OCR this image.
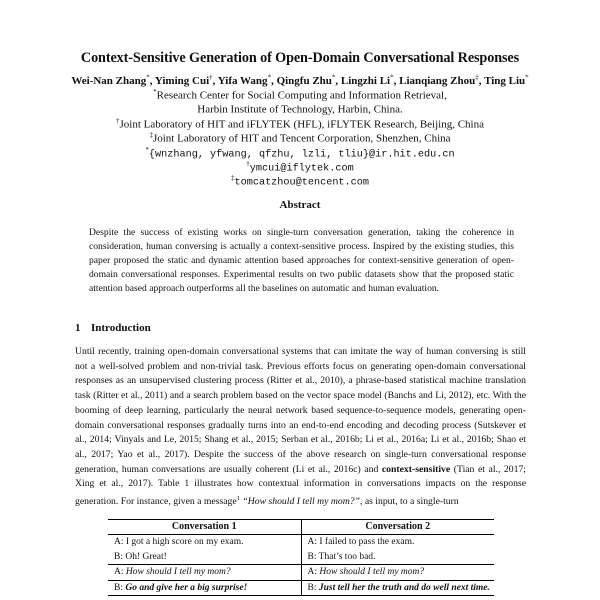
Context-Sensitive Generation of Open-Domain Conversational Responses
Wei-Nan Zhang*, Yiming Cui†, Yifa Wang*, Qingfu Zhu*, Lingzhi Li*, Lianqiang Zhou‡, Ting Liu*
*Research Center for Social Computing and Information Retrieval,
Harbin Institute of Technology, Harbin, China.
†Joint Laboratory of HIT and iFLYTEK (HFL), iFLYTEK Research, Beijing, China
‡Joint Laboratory of HIT and Tencent Corporation, Shenzhen, China
*{wnzhang, yfwang, qfzhu, lzli, tliu}@ir.hit.edu.cn
†ymcui@iflytek.com
‡tomcatzhou@tencent.com
Abstract
Despite the success of existing works on single-turn conversation generation, taking the coherence in consideration, human conversing is actually a context-sensitive process. Inspired by the existing studies, this paper proposed the static and dynamic attention based approaches for context-sensitive generation of open-domain conversational responses. Experimental results on two public datasets show that the proposed static attention based approach outperforms all the baselines on automatic and human evaluation.
1 Introduction
Until recently, training open-domain conversational systems that can imitate the way of human conversing is still not a well-solved problem and non-trivial task. Previous efforts focus on generating open-domain conversational responses as an unsupervised clustering process (Ritter et al., 2010), a phrase-based statistical machine translation task (Ritter et al., 2011) and a search problem based on the vector space model (Banchs and Li, 2012), etc. With the booming of deep learning, particularly the neural network based sequence-to-sequence models, generating open-domain conversational responses gradually turns into an end-to-end encoding and decoding process (Sutskever et al., 2014; Vinyals and Le, 2015; Shang et al., 2015; Serban et al., 2016b; Li et al., 2016a; Li et al., 2016b; Shao et al., 2017; Yao et al., 2017). Despite the success of the above research on single-turn conversational response generation, human conversations are usually coherent (Li et al., 2016c) and context-sensitive (Tian et al., 2017; Xing et al., 2017). Table 1 illustrates how contextual information in conversations impacts on the response generation. For instance, given a message$^1$ “How should I tell my mom?”, as input, to a single-turn
Conversation 1	Conversation 2
A: I got a high score on my exam.	A: I failed to pass the exam.
B: Oh! Great!	B: That’s too bad.
A: How should I tell my mom?	A: How should I tell my mom?
B: Go and give her a big surprise!	B: Just tell her the truth and do well next time.
